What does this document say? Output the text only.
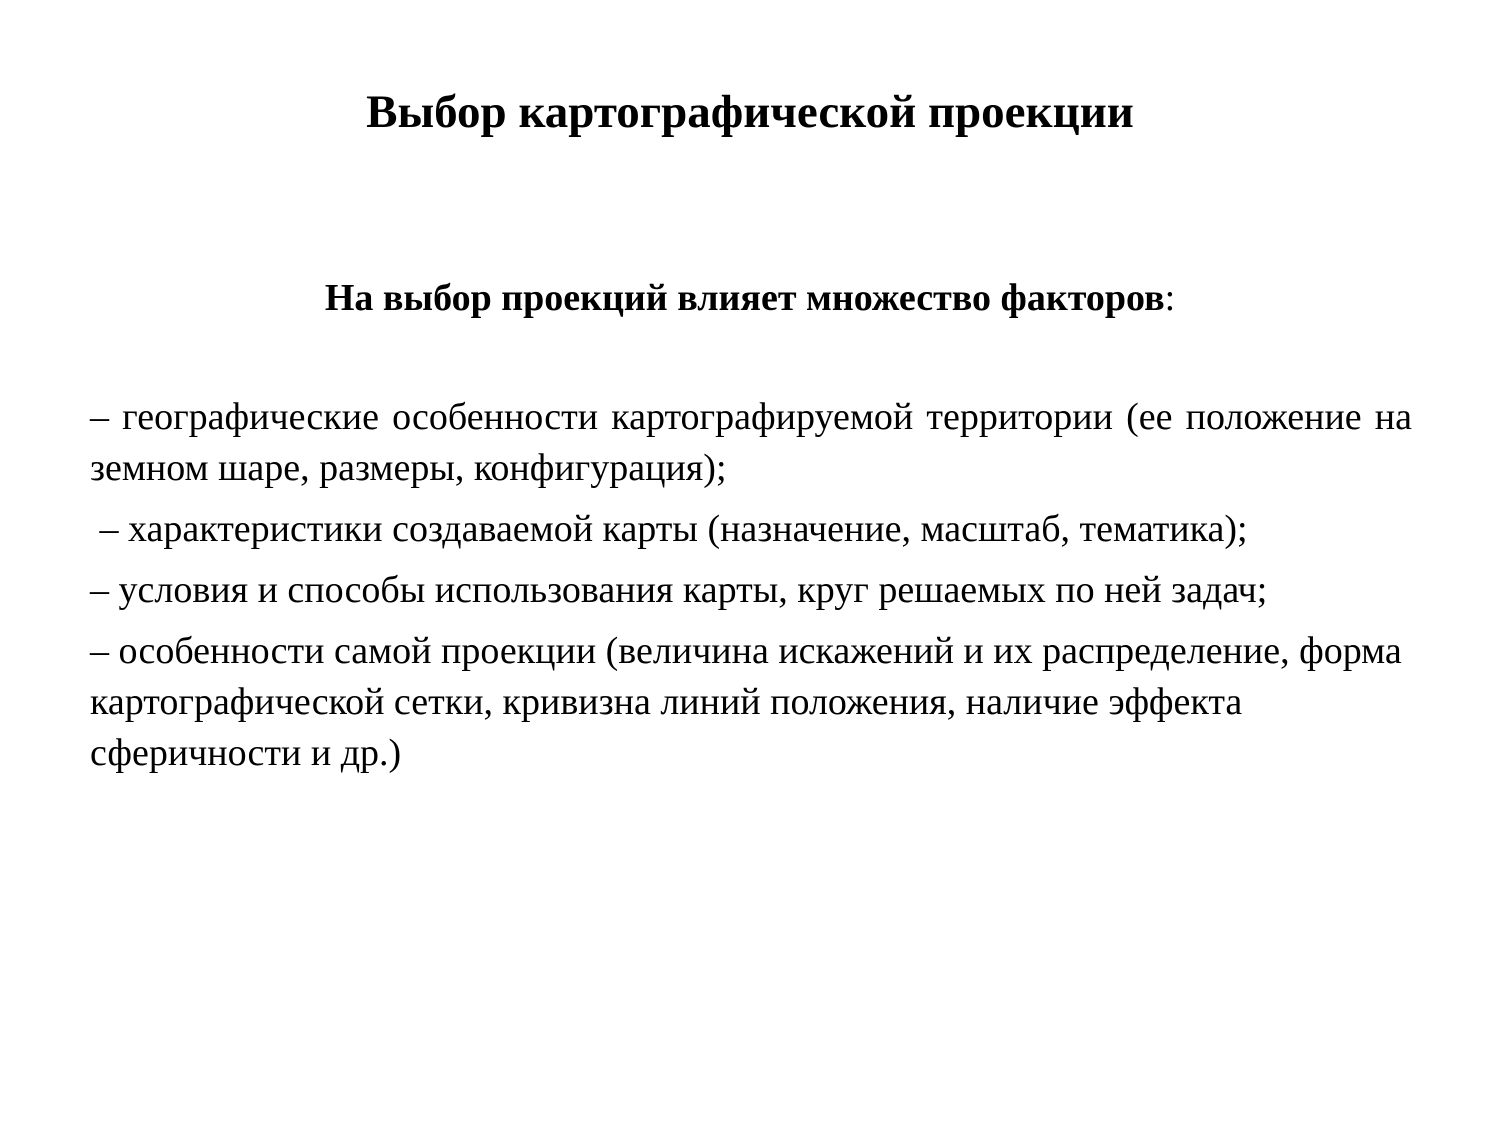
Выбор картографической проекции

На выбор проекций влияет множество факторов:

– географические особенности картографируемой территории (ее положение на земном шаре, размеры, конфигурация);

– характеристики создаваемой карты (назначение, масштаб, тематика);

– условия и способы использования карты, круг решаемых по ней задач;

– особенности самой проекции (величина искажений и их распределение, форма картографической сетки, кривизна линий положения, наличие эффекта сферичности и др.)
